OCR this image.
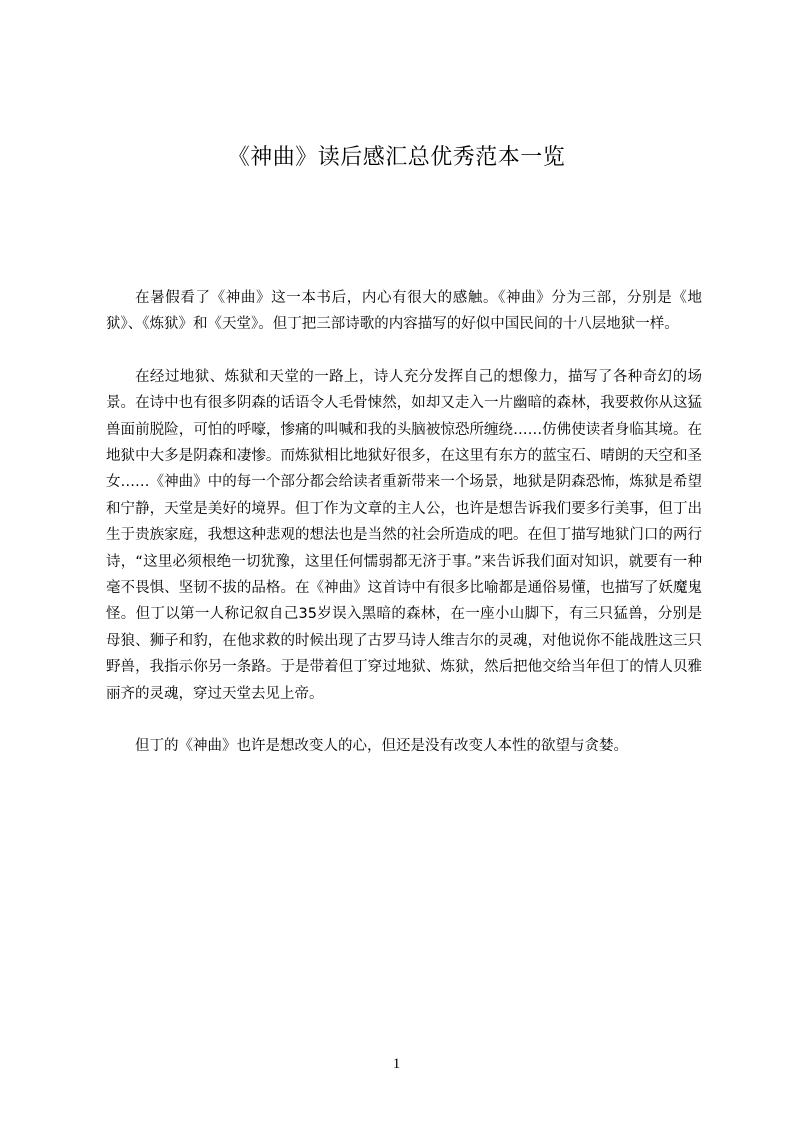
《神曲》读后感汇总优秀范本一览

在暑假看了《神曲》这一本书后，内心有很大的感触。《神曲》分为三部，分别是《地狱》、《炼狱》和《天堂》。但丁把三部诗歌的内容描写的好似中国民间的十八层地狱一样。

在经过地狱、炼狱和天堂的一路上，诗人充分发挥自己的想像力，描写了各种奇幻的场景。在诗中也有很多阴森的话语令人毛骨悚然，如却又走入一片幽暗的森林，我要救你从这猛兽面前脱险，可怕的呼嚎，惨痛的叫喊和我的头脑被惊恐所缠绕……仿佛使读者身临其境。在地狱中大多是阴森和凄惨。而炼狱相比地狱好很多，在这里有东方的蓝宝石、晴朗的天空和圣女……《神曲》中的每一个部分都会给读者重新带来一个场景，地狱是阴森恐怖，炼狱是希望和宁静，天堂是美好的境界。但丁作为文章的主人公，也许是想告诉我们要多行美事，但丁出生于贵族家庭，我想这种悲观的想法也是当然的社会所造成的吧。在但丁描写地狱门口的两行诗，“这里必须根绝一切犹豫，这里任何懦弱都无济于事。”来告诉我们面对知识，就要有一种毫不畏惧、坚韧不拔的品格。在《神曲》这首诗中有很多比喻都是通俗易懂，也描写了妖魔鬼怪。但丁以第一人称记叙自己35岁误入黑暗的森林，在一座小山脚下，有三只猛兽，分别是母狼、狮子和豹，在他求救的时候出现了古罗马诗人维吉尔的灵魂，对他说你不能战胜这三只野兽，我指示你另一条路。于是带着但丁穿过地狱、炼狱，然后把他交给当年但丁的情人贝雅丽齐的灵魂，穿过天堂去见上帝。

但丁的《神曲》也许是想改变人的心，但还是没有改变人本性的欲望与贪婪。

1
